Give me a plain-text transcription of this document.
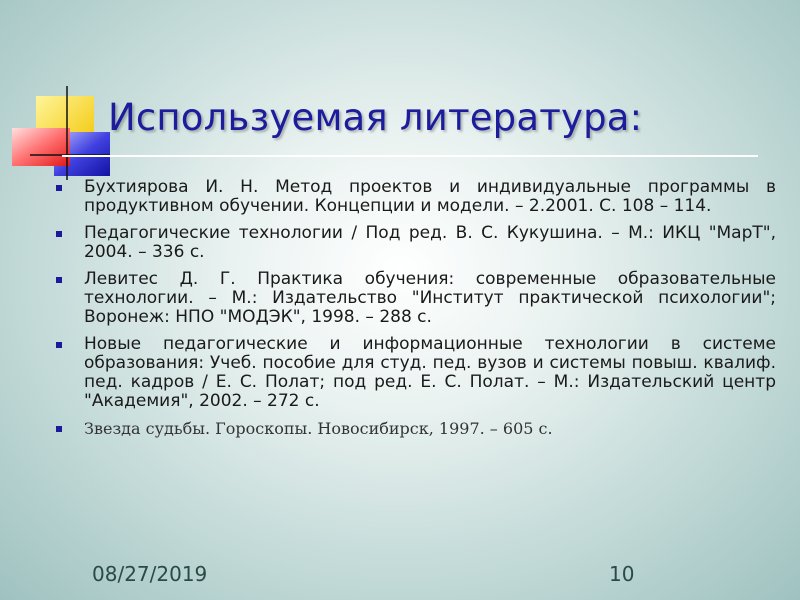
Используемая литература:
Бухтиярова И. Н. Метод проектов и индивидуальные программы в продуктивном обучении. Концепции и модели. – 2.2001. С. 108 – 114.
Педагогические технологии / Под ред. В. С. Кукушина. – М.: ИКЦ "МарТ", 2004. – 336 с.
Левитес Д. Г. Практика обучения: современные образовательные технологии. – М.: Издательство "Институт практической психологии"; Воронеж: НПО "МОДЭК", 1998. – 288 с.
Новые педагогические и информационные технологии в системе образования: Учеб. пособие для студ. пед. вузов и системы повыш. квалиф. пед. кадров / Е. С. Полат; под ред. Е. С. Полат. – М.: Издательский центр "Академия", 2002. – 272 с.
Звезда судьбы. Гороскопы. Новосибирск, 1997. – 605 с.
08/27/2019	10
